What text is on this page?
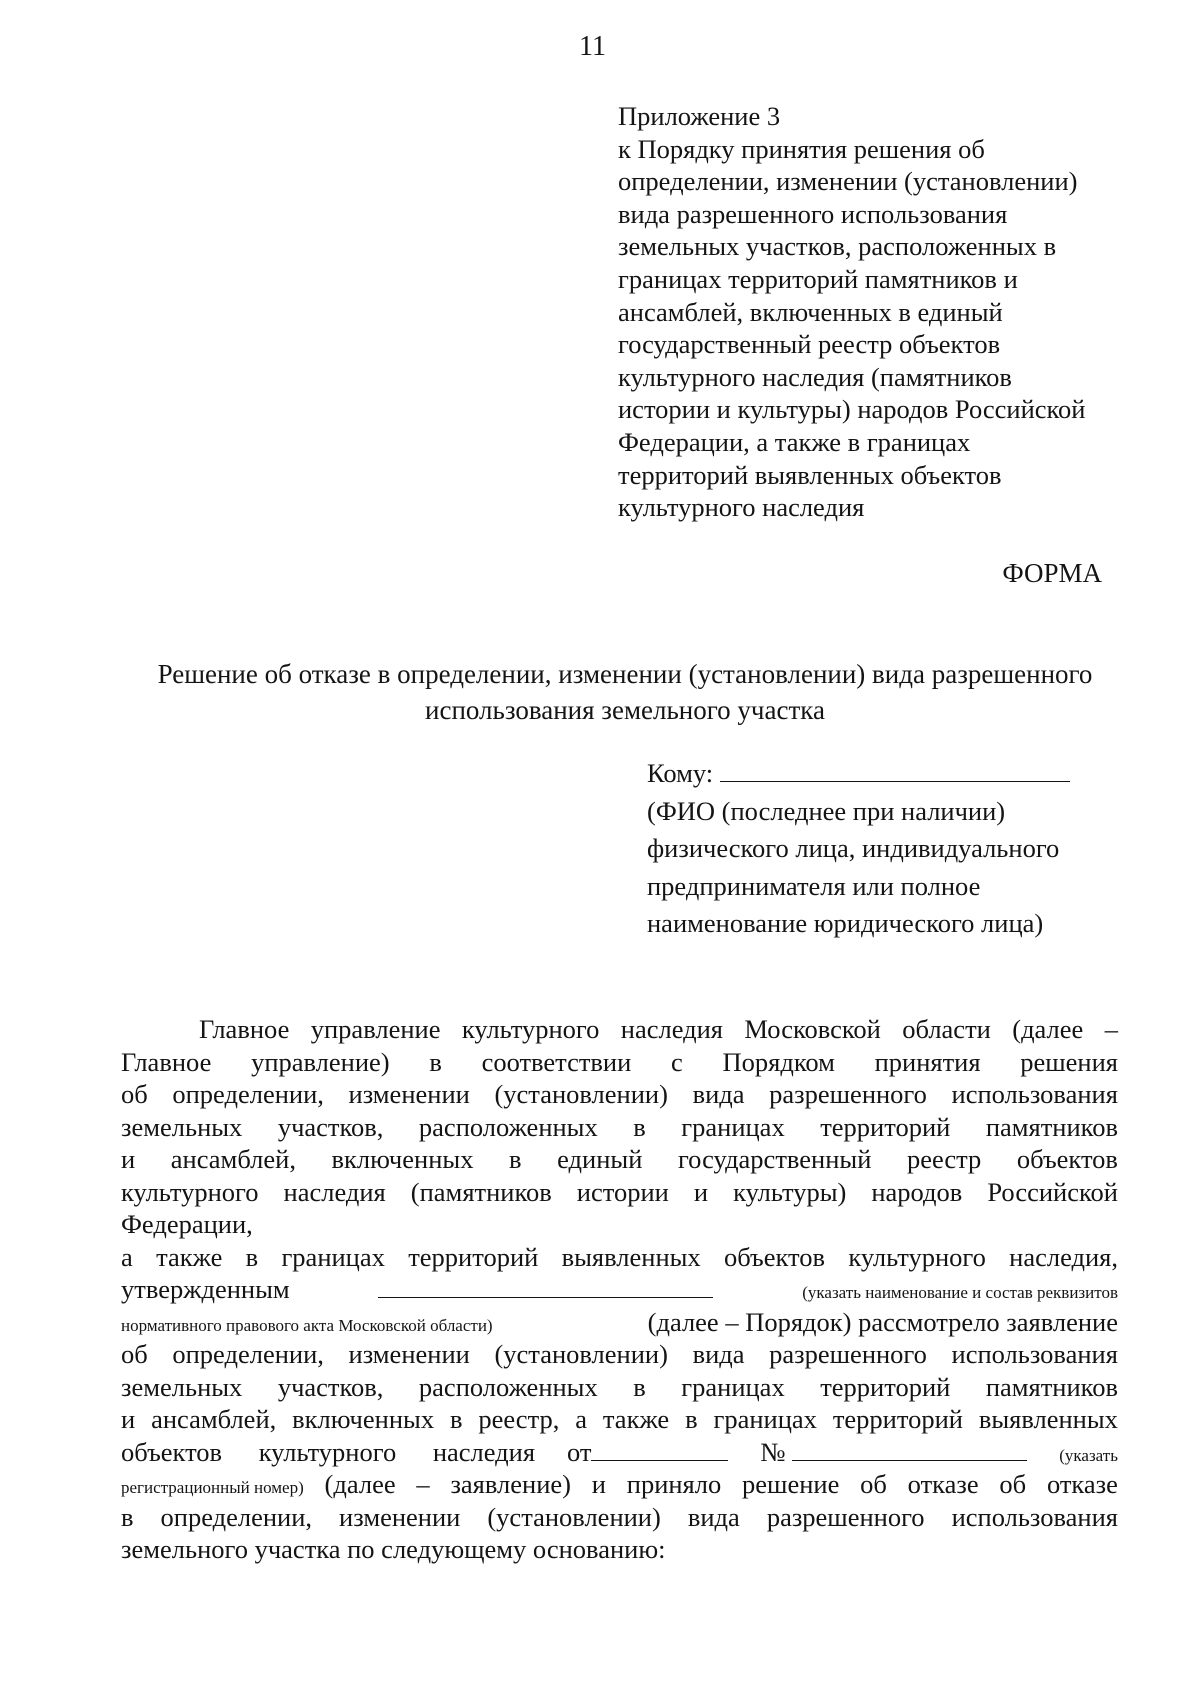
11
Приложение 3
к Порядку принятия решения об
определении, изменении (установлении)
вида разрешенного использования
земельных участков, расположенных в
границах территорий памятников и
ансамблей, включенных в единый
государственный реестр объектов
культурного наследия (памятников
истории и культуры) народов Российской
Федерации, а также в границах
территорий выявленных объектов
культурного наследия
ФОРМА
Решение об отказе в определении, изменении (установлении) вида разрешенного
использования земельного участка
Кому:
(ФИО (последнее при наличии)
физического лица, индивидуального
предпринимателя или полное
наименование юридического лица)
Главное управление культурного наследия Московской области (далее –
Главное управление) в соответствии с Порядком принятия решения
об определении, изменении (установлении) вида разрешенного использования
земельных участков, расположенных в границах территорий памятников
и ансамблей, включенных в единый государственный реестр объектов
культурного наследия (памятников истории и культуры) народов Российской
Федерации,
а также в границах территорий выявленных объектов культурного наследия,
утвержденным	(указать наименование и состав реквизитов
нормативного правового акта Московской области)	(далее – Порядок) рассмотрело заявление
об определении, изменении (установлении) вида разрешенного использования
земельных участков, расположенных в границах территорий памятников
и ансамблей, включенных в реестр, а также в границах территорий выявленных
объектов культурного наследия от	№	(указать
регистрационный номер) (далее – заявление) и приняло решение об отказе об отказе
в определении, изменении (установлении) вида разрешенного использования
земельного участка по следующему основанию:
